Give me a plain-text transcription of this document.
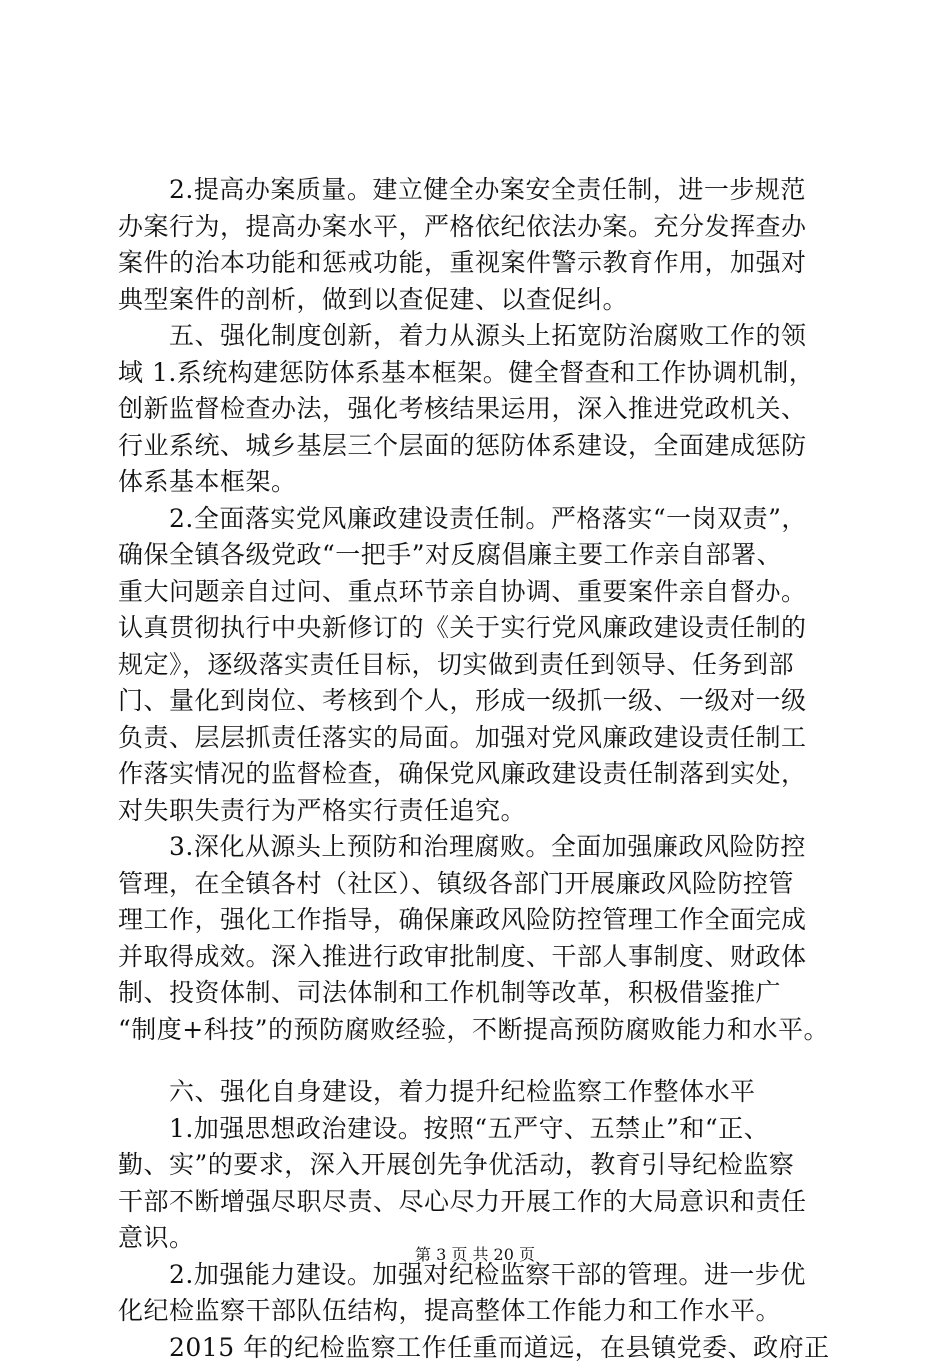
　　2.提高办案质量。建立健全办案安全责任制，进一步规范
办案行为，提高办案水平，严格依纪依法办案。充分发挥查办
案件的治本功能和惩戒功能，重视案件警示教育作用，加强对
典型案件的剖析，做到以查促建、以查促纠。
　　五、强化制度创新，着力从源头上拓宽防治腐败工作的领
域 1.系统构建惩防体系基本框架。健全督查和工作协调机制，
创新监督检查办法，强化考核结果运用，深入推进党政机关、
行业系统、城乡基层三个层面的惩防体系建设，全面建成惩防
体系基本框架。
　　2.全面落实党风廉政建设责任制。严格落实“一岗双责”，
确保全镇各级党政“一把手”对反腐倡廉主要工作亲自部署、
重大问题亲自过问、重点环节亲自协调、重要案件亲自督办。
认真贯彻执行中央新修订的《关于实行党风廉政建设责任制的
规定》，逐级落实责任目标，切实做到责任到领导、任务到部
门、量化到岗位、考核到个人，形成一级抓一级、一级对一级
负责、层层抓责任落实的局面。加强对党风廉政建设责任制工
作落实情况的监督检查，确保党风廉政建设责任制落到实处，
对失职失责行为严格实行责任追究。
　　3.深化从源头上预防和治理腐败。全面加强廉政风险防控
管理，在全镇各村（社区）、镇级各部门开展廉政风险防控管
理工作，强化工作指导，确保廉政风险防控管理工作全面完成
并取得成效。深入推进行政审批制度、干部人事制度、财政体
制、投资体制、司法体制和工作机制等改革，积极借鉴推广
“制度+科技”的预防腐败经验，不断提高预防腐败能力和水平。
　　六、强化自身建设，着力提升纪检监察工作整体水平
　　1.加强思想政治建设。按照“五严守、五禁止”和“正、
勤、实”的要求，深入开展创先争优活动，教育引导纪检监察
干部不断增强尽职尽责、尽心尽力开展工作的大局意识和责任
意识。
　　2.加强能力建设。加强对纪检监察干部的管理。进一步优
化纪检监察干部队伍结构，提高整体工作能力和工作水平。
　　2015 年的纪检监察工作任重而道远，在县镇党委、政府正
第 3 页 共 20 页
